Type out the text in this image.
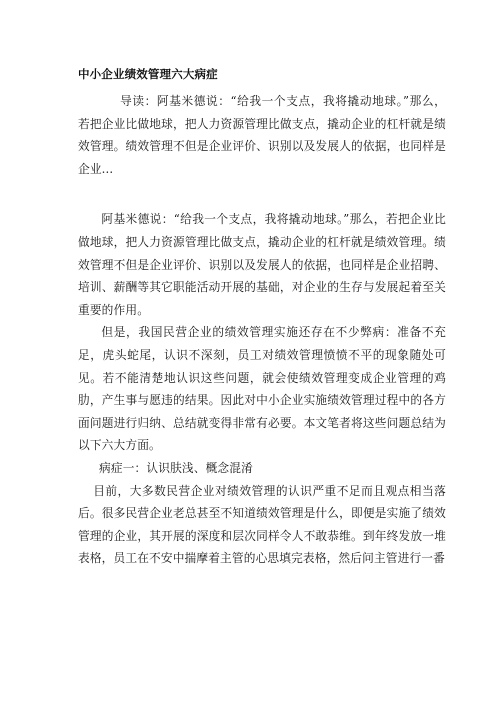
中小企业绩效管理六大病症

导读：阿基米德说：“给我一个支点，我将撬动地球。”那么，若把企业比做地球，把人力资源管理比做支点，撬动企业的杠杆就是绩效管理。绩效管理不但是企业评价、识别以及发展人的依据，也同样是企业...

阿基米德说：“给我一个支点，我将撬动地球。”那么，若把企业比做地球，把人力资源管理比做支点，撬动企业的杠杆就是绩效管理。绩效管理不但是企业评价、识别以及发展人的依据，也同样是企业招聘、培训、薪酬等其它职能活动开展的基础，对企业的生存与发展起着至关重要的作用。

但是，我国民营企业的绩效管理实施还存在不少弊病：准备不充足，虎头蛇尾，认识不深刻，员工对绩效管理愤愤不平的现象随处可见。若不能清楚地认识这些问题，就会使绩效管理变成企业管理的鸡肋，产生事与愿违的结果。因此对中小企业实施绩效管理过程中的各方面问题进行归纳、总结就变得非常有必要。本文笔者将这些问题总结为以下六大方面。

病症一：认识肤浅、概念混淆

目前，大多数民营企业对绩效管理的认识严重不足而且观点相当落后。很多民营企业老总甚至不知道绩效管理是什么，即便是实施了绩效管理的企业，其开展的深度和层次同样令人不敢恭维。到年终发放一堆表格，员工在不安中揣摩着主管的心思填完表格，然后问主管进行一番
